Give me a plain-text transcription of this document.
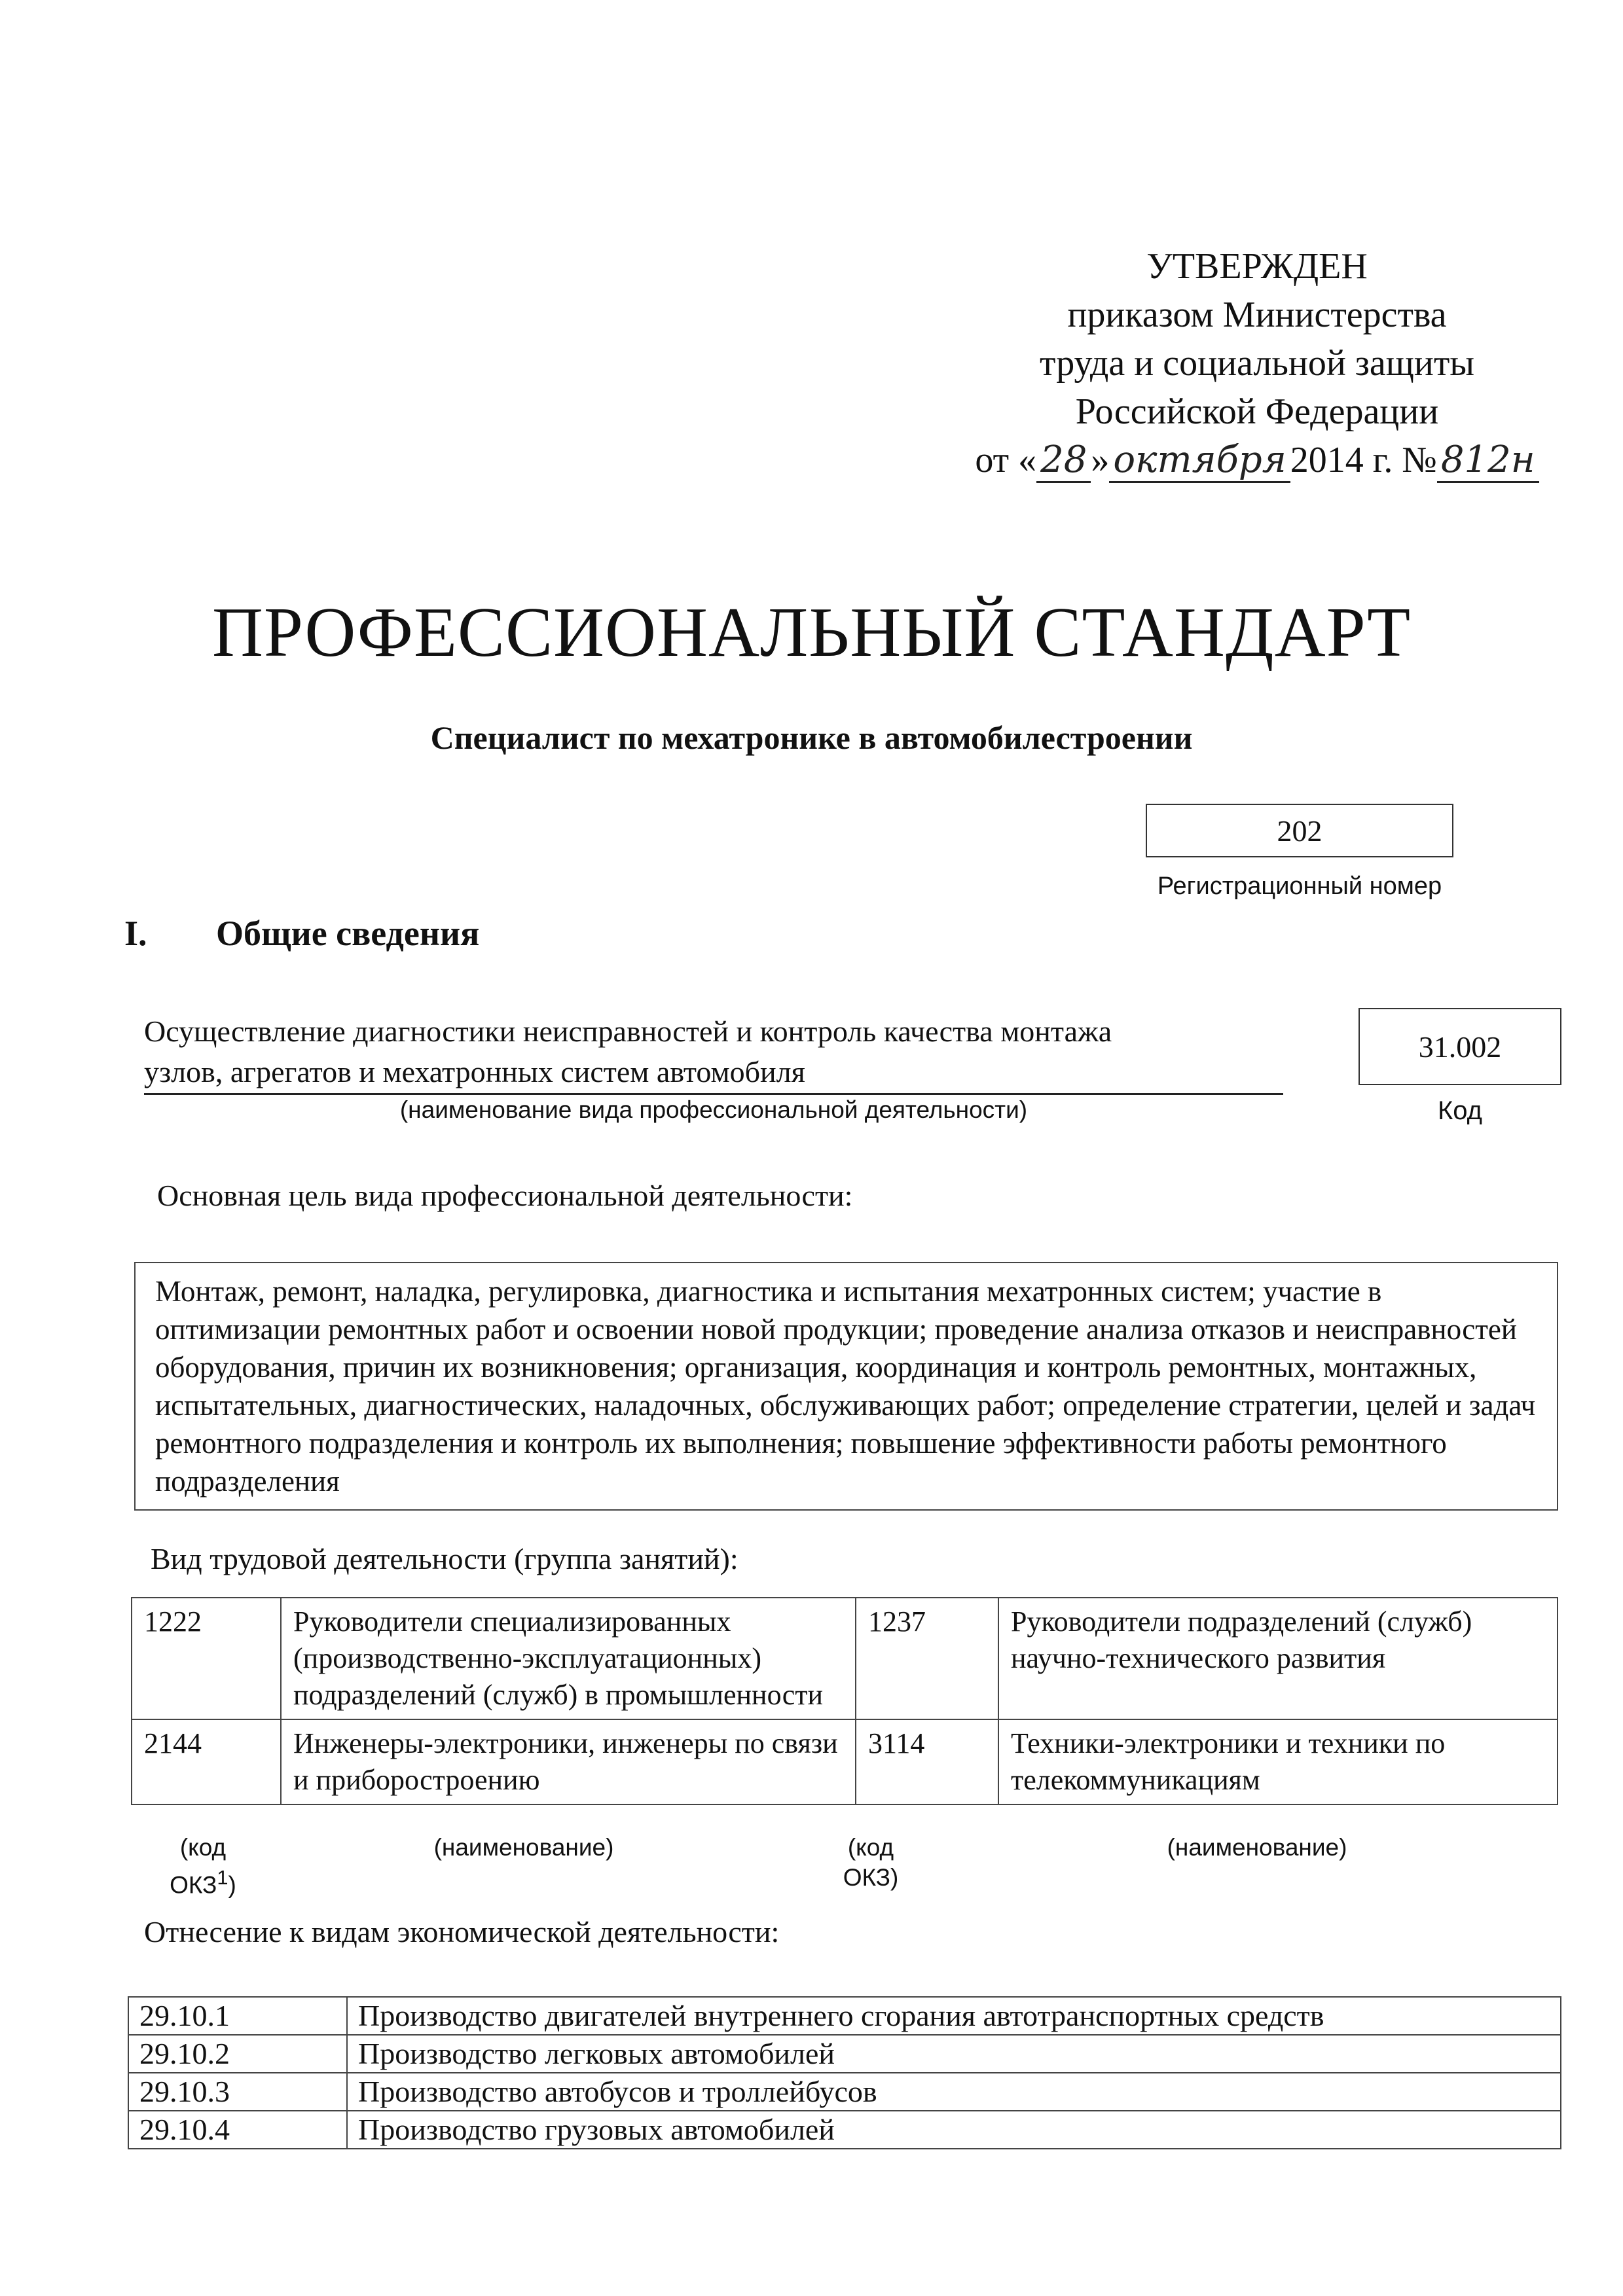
УТВЕРЖДЕН
приказом Министерства
труда и социальной защиты
Российской Федерации
от « 28 » октября 2014 г. № 812н
ПРОФЕССИОНАЛЬНЫЙ СТАНДАРТ
Специалист по мехатронике в автомобилестроении
202
Регистрационный номер
I. Общие сведения
Осуществление диагностики неисправностей и контроль качества монтажа
узлов, агрегатов и мехатронных систем автомобиля
(наименование вида профессиональной деятельности)
31.002
Код
Основная цель вида профессиональной деятельности:
Монтаж, ремонт, наладка, регулировка, диагностика и испытания мехатронных систем; участие в оптимизации ремонтных работ и освоении новой продукции; проведение анализа отказов и неисправностей оборудования, причин их возникновения; организация, координация и контроль ремонтных, монтажных, испытательных, диагностических, наладочных, обслуживающих работ; определение стратегии, целей и задач ремонтного подразделения и контроль их выполнения; повышение эффективности работы ремонтного подразделения
Вид трудовой деятельности (группа занятий):
1222	Руководители специализированных (производственно-эксплуатационных) подразделений (служб) в промышленности	1237	Руководители подразделений (служб) научно-технического развития
2144	Инженеры-электроники, инженеры по связи и приборостроению	3114	Техники-электроники и техники по телекоммуникациям
(код
ОКЗ$^1$)
(наименование)	(код
ОКЗ)
(наименование)
Отнесение к видам экономической деятельности:
29.10.1	Производство двигателей внутреннего сгорания автотранспортных средств
29.10.2	Производство легковых автомобилей
29.10.3	Производство автобусов и троллейбусов
29.10.4	Производство грузовых автомобилей
